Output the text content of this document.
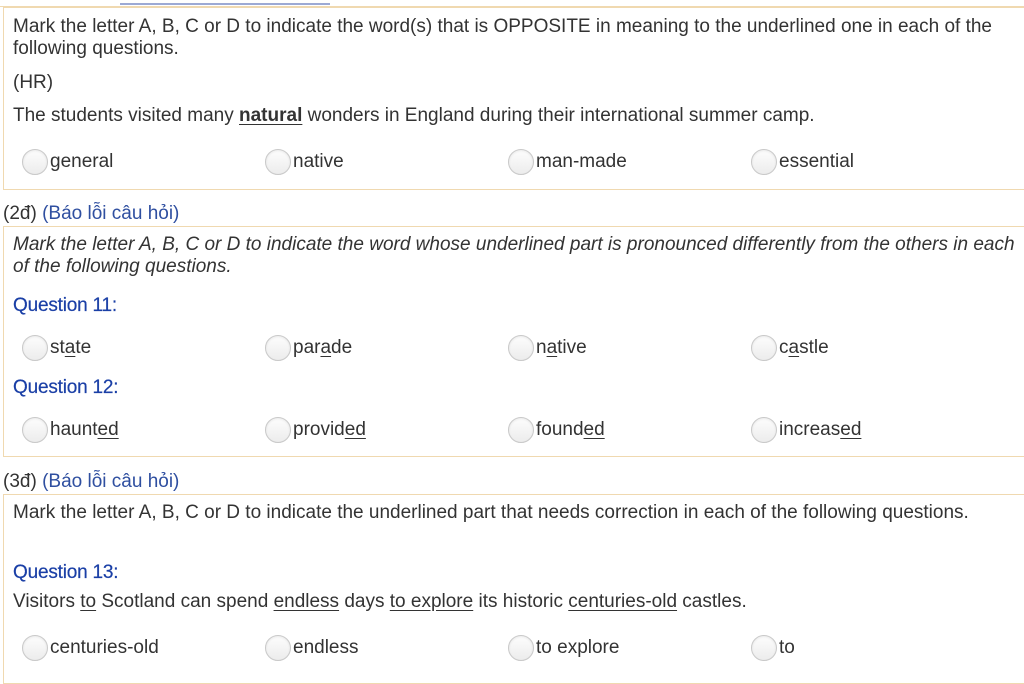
Mark the letter A, B, C or D to indicate the word(s) that is OPPOSITE in meaning to the underlined one in each of the following questions.
(HR)
The students visited many natural wonders in England during their international summer camp.
general	native	man-made	essential
(2đ) (Báo lỗi câu hỏi)
Mark the letter A, B, C or D to indicate the word whose underlined part is pronounced differently from the others in each of the following questions.
Question 11:
state	parade	native	castle
Question 12:
haunted	provided	founded	increased
(3đ) (Báo lỗi câu hỏi)
Mark the letter A, B, C or D to indicate the underlined part that needs correction in each of the following questions.
Question 13:
Visitors to Scotland can spend endless days to explore its historic centuries-old castles.
centuries-old	endless	to explore	to
